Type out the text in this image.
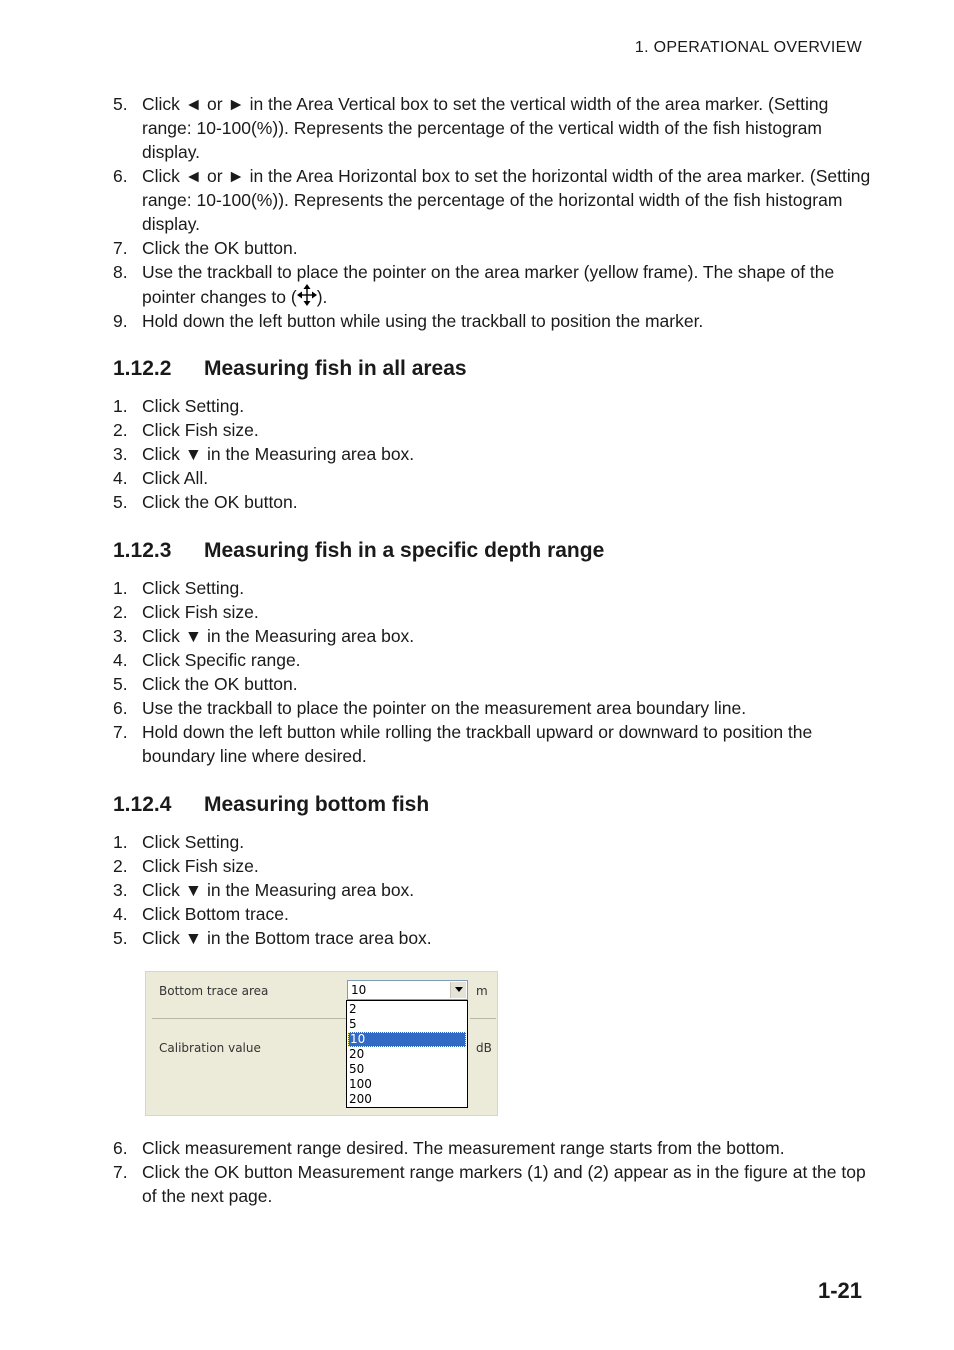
1. OPERATIONAL OVERVIEW
5. Click ◄ or ► in the Area Vertical box to set the vertical width of the area marker. (Setting range: 10-100(%)). Represents the percentage of the vertical width of the fish histogram display.
6. Click ◄ or ► in the Area Horizontal box to set the horizontal width of the area marker. (Setting range: 10-100(%)). Represents the percentage of the horizontal width of the fish histogram display.
7. Click the OK button.
8. Use the trackball to place the pointer on the area marker (yellow frame). The shape of the pointer changes to ( ).
9. Hold down the left button while using the trackball to position the marker.
1.12.2 Measuring fish in all areas
1. Click Setting.
2. Click Fish size.
3. Click ▼ in the Measuring area box.
4. Click All.
5. Click the OK button.
1.12.3 Measuring fish in a specific depth range
1. Click Setting.
2. Click Fish size.
3. Click ▼ in the Measuring area box.
4. Click Specific range.
5. Click the OK button.
6. Use the trackball to place the pointer on the measurement area boundary line.
7. Hold down the left button while rolling the trackball upward or downward to position the boundary line where desired.
1.12.4 Measuring bottom fish
1. Click Setting.
2. Click Fish size.
3. Click ▼ in the Measuring area box.
4. Click Bottom trace.
5. Click ▼ in the Bottom trace area box.
Bottom trace area	m
Calibration value	dB
10
2
5
10
20
50
100
200
6. Click measurement range desired. The measurement range starts from the bottom.
7. Click the OK button Measurement range markers (1) and (2) appear as in the figure at the top of the next page.
1-21
